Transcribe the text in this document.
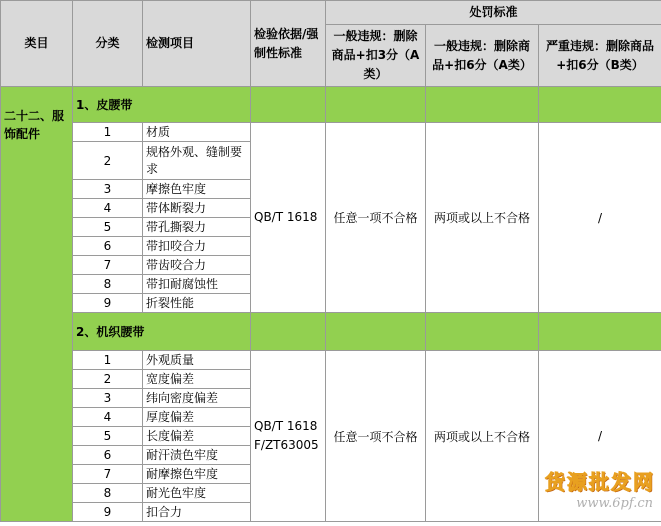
类目	分类	检测项目	检验依据/强制性标准	处罚标准		
				一般违规：删除商品+扣3分（A类）	一般违规：删除商品+扣6分（A类）	严重违规：删除商品+扣6分（B类）
二十二、服饰配件	1、皮腰带					
	1	材质	QB/T 1618	任意一项不合格	两项或以上不合格	/
	2	规格外观、缝制要求				
	3	摩擦色牢度				
	4	带体断裂力				
	5	带孔撕裂力				
	6	带扣咬合力				
	7	带齿咬合力				
	8	带扣耐腐蚀性				
	9	折裂性能				
	2、机织腰带					
	1	外观质量	QB/T 1618 F/ZT63005	任意一项不合格	两项或以上不合格	/
	2	宽度偏差				
	3	纬向密度偏差				
	4	厚度偏差				
	5	长度偏差				
	6	耐汗渍色牢度				
	7	耐摩擦色牢度				
	8	耐光色牢度				
	9	扣合力				
货源批发网
www.6pf.cn
